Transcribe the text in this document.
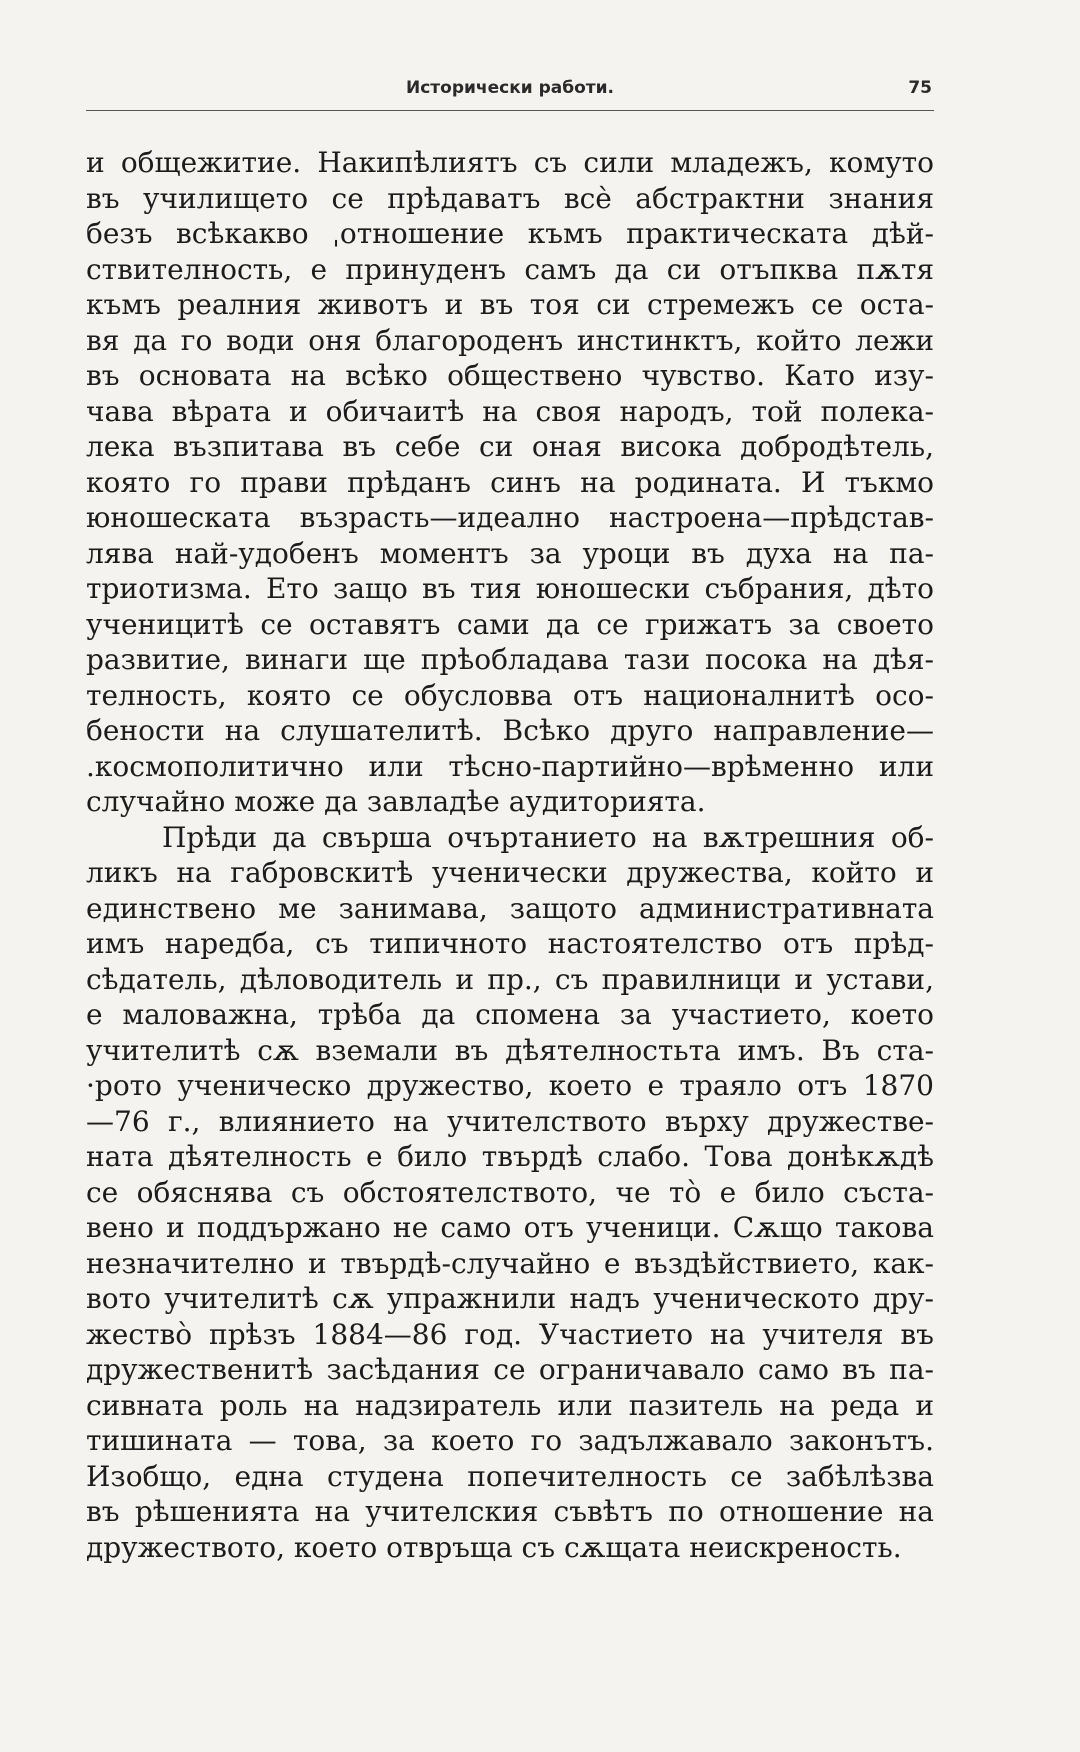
Исторически работи.	75
и общежитие. Накипѣлиятъ съ сили младежъ, комуто
въ училището се прѣдаватъ всѐ абстрактни знания
безъ всѣкакво ˌотношение къмъ практическата дѣй-
ствителность, е принуденъ самъ да си отъпква пѫтя
къмъ реалния животъ и въ тоя си стремежъ се оста-
вя да го води оня благороденъ инстинктъ, който лежи
въ основата на всѣко обществено чувство. Като изу-
чава вѣрата и обичаитѣ на своя народъ, той полека-
лека възпитава въ себе си оная висока добродѣтель,
която го прави прѣданъ синъ на родината. И тъкмо
юношеската възрасть—идеално настроена—прѣдстав-
лява най-удобенъ моментъ за уроци въ духа на па-
триотизма. Ето защо въ тия юношески събрания, дѣто
ученицитѣ се оставятъ сами да се грижатъ за своето
развитие, винаги ще прѣобладава тази посока на дѣя-
телность, която се обусловва отъ националнитѣ осо-
бености на слушателитѣ. Всѣко друго направление—
.космополитично или тѣсно-партийно—врѣменно или
случайно може да завладѣе аудиторията.
Прѣди да свърша очъртанието на вѫтрешния об-
ликъ на габровскитѣ ученически дружества, който и
единствено ме занимава, защото административната
имъ наредба, съ типичното настоятелство отъ прѣд-
сѣдатель, дѣловодитель и пр., съ правилници и устави,
е маловажна, трѣба да спомена за участието, което
учителитѣ сѫ вземали въ дѣятелностьта имъ. Въ ста-
·рото ученическо дружество, което е траяло отъ 1870
—76 г., влиянието на учителството върху дружестве-
ната дѣятелность е било твърдѣ слабо. Това донѣкѫдѣ
се обяснява съ обстоятелството, че то̀ е било съста-
вено и поддържано не само отъ ученици. Сѫщо такова
незначително и твърдѣ-случайно е въздѣйствието, как-
вото учителитѣ сѫ упражнили надъ ученическото дру-
жество̀ прѣзъ 1884—86 год. Участието на учителя въ
дружественитѣ засѣдания се ограничавало само въ па-
сивната роль на надзиратель или пазитель на реда и
тишината — това, за което го задължавало законътъ.
Изобщо, една студена попечителность се забѣлѣзва
въ рѣшенията на учителския съвѣтъ по отношение на
дружеството, което отвръща съ сѫщата неискреность.
